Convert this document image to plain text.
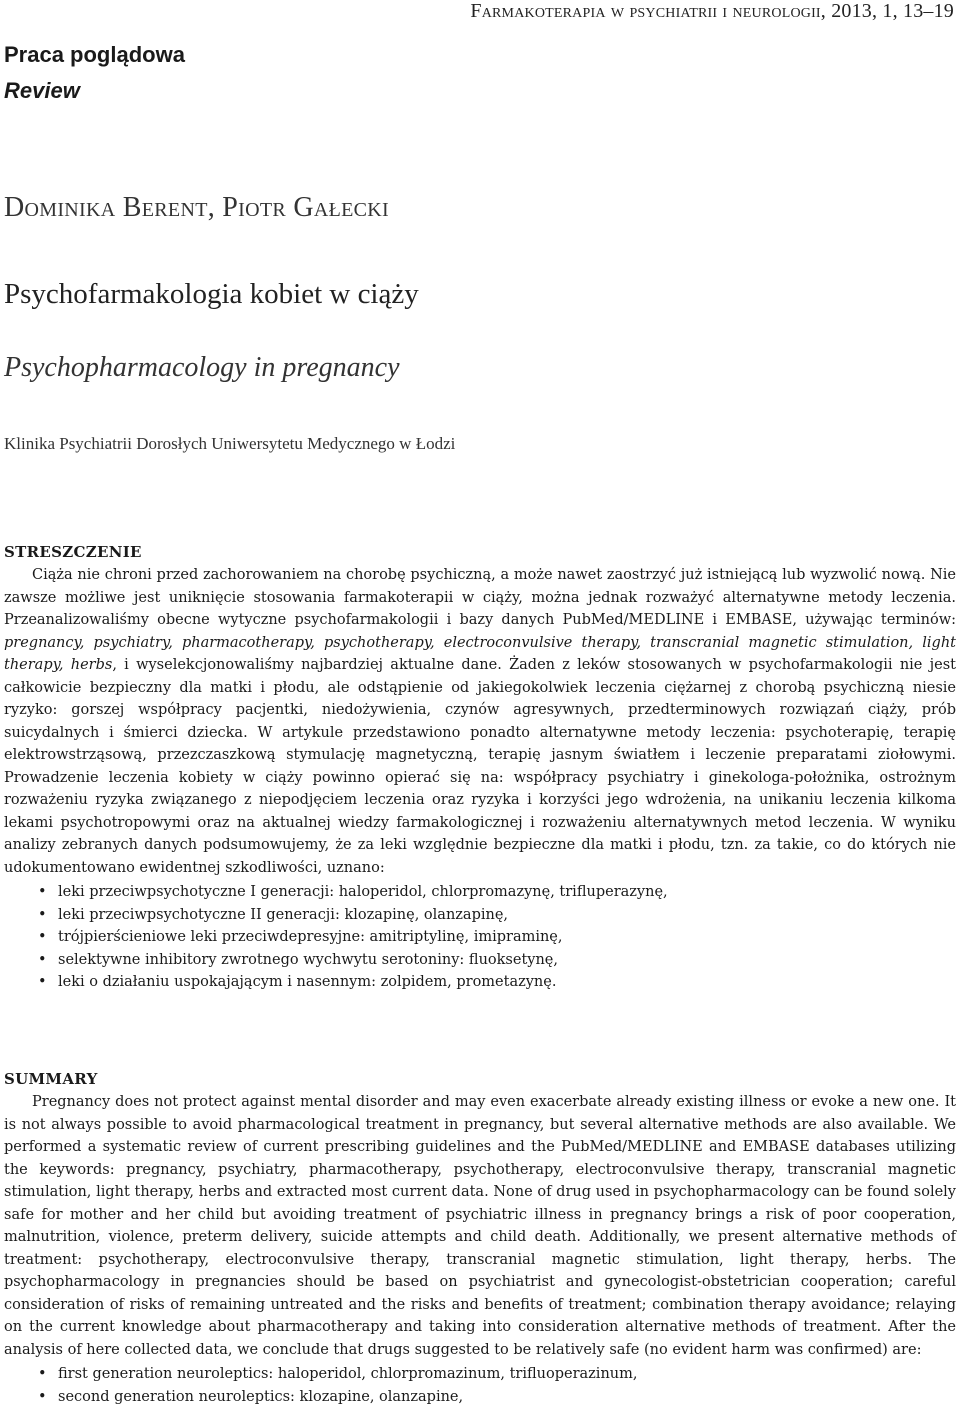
Farmakoterapia w psychiatrii i neurologii, 2013, 1, 13–19
Praca poglądowa
Review
Dominika Berent, Piotr Gałecki
Psychofarmakologia kobiet w ciąży
Psychopharmacology in pregnancy
Klinika Psychiatrii Dorosłych Uniwersytetu Medycznego w Łodzi
STRESZCZENIE

Ciąża nie chroni przed zachorowaniem na chorobę psychiczną, a może nawet zaostrzyć już istniejącą lub wyzwolić nową. Nie zawsze możliwe jest uniknięcie stosowania farmakoterapii w ciąży, można jednak rozważyć alternatywne metody leczenia. Przeanalizowaliśmy obecne wytyczne psychofarmakologii i bazy danych PubMed/MEDLINE i EMBASE, używając terminów: pregnancy, psychiatry, pharmacotherapy, psychotherapy, electroconvulsive therapy, transcranial magnetic stimulation, light therapy, herbs, i wyselekcjonowaliśmy najbardziej aktualne dane. Żaden z leków stosowanych w psychofarmakologii nie jest całkowicie bezpieczny dla matki i płodu, ale odstąpienie od jakiegokolwiek leczenia ciężarnej z chorobą psychiczną niesie ryzyko: gorszej współpracy pacjentki, niedożywienia, czynów agresywnych, przedterminowych rozwiązań ciąży, prób suicydalnych i śmierci dziecka. W artykule przedstawiono ponadto alternatywne metody leczenia: psychoterapię, terapię elektrowstrząsową, przezczaszkową stymulację magnetyczną, terapię jasnym światłem i leczenie preparatami ziołowymi. Prowadzenie leczenia kobiety w ciąży powinno opierać się na: współpracy psychiatry i ginekologa-położnika, ostrożnym rozważeniu ryzyka związanego z niepodjęciem leczenia oraz ryzyka i korzyści jego wdrożenia, na unikaniu leczenia kilkoma lekami psychotropowymi oraz na aktualnej wiedzy farmakologicznej i rozważeniu alternatywnych metod leczenia. W wyniku analizy zebranych danych podsumowujemy, że za leki względnie bezpieczne dla matki i płodu, tzn. za takie, co do których nie udokumentowano ewidentnej szkodliwości, uznano:

• leki przeciwpsychotyczne I generacji: haloperidol, chlorpromazynę, trifluperazynę,
• leki przeciwpsychotyczne II generacji: klozapinę, olanzapinę,
• trójpierścieniowe leki przeciwdepresyjne: amitriptylinę, imipraminę,
• selektywne inhibitory zwrotnego wychwytu serotoniny: fluoksetynę,
• leki o działaniu uspokajającym i nasennym: zolpidem, prometazynę.
SUMMARY

Pregnancy does not protect against mental disorder and may even exacerbate already existing illness or evoke a new one. It is not always possible to avoid pharmacological treatment in pregnancy, but several alternative methods are also available. We performed a systematic review of current prescribing guidelines and the PubMed/MEDLINE and EMBASE databases utilizing the keywords: pregnancy, psychiatry, pharmacotherapy, psychotherapy, electroconvulsive therapy, transcranial magnetic stimulation, light therapy, herbs and extracted most current data. None of drug used in psychopharmacology can be found solely safe for mother and her child but avoiding treatment of psychiatric illness in pregnancy brings a risk of poor cooperation, malnutrition, violence, preterm delivery, suicide attempts and child death. Additionally, we present alternative methods of treatment: psychotherapy, electroconvulsive therapy, transcranial magnetic stimulation, light therapy, herbs. The psychopharmacology in pregnancies should be based on psychiatrist and gynecologist-obstetrician cooperation; careful consideration of risks of remaining untreated and the risks and benefits of treatment; combination therapy avoidance; relaying on the current knowledge about pharmacotherapy and taking into consideration alternative methods of treatment. After the analysis of here collected data, we conclude that drugs suggested to be relatively safe (no evident harm was confirmed) are:

• first generation neuroleptics: haloperidol, chlorpromazinum, trifluoperazinum,
• second generation neuroleptics: klozapine, olanzapine,
